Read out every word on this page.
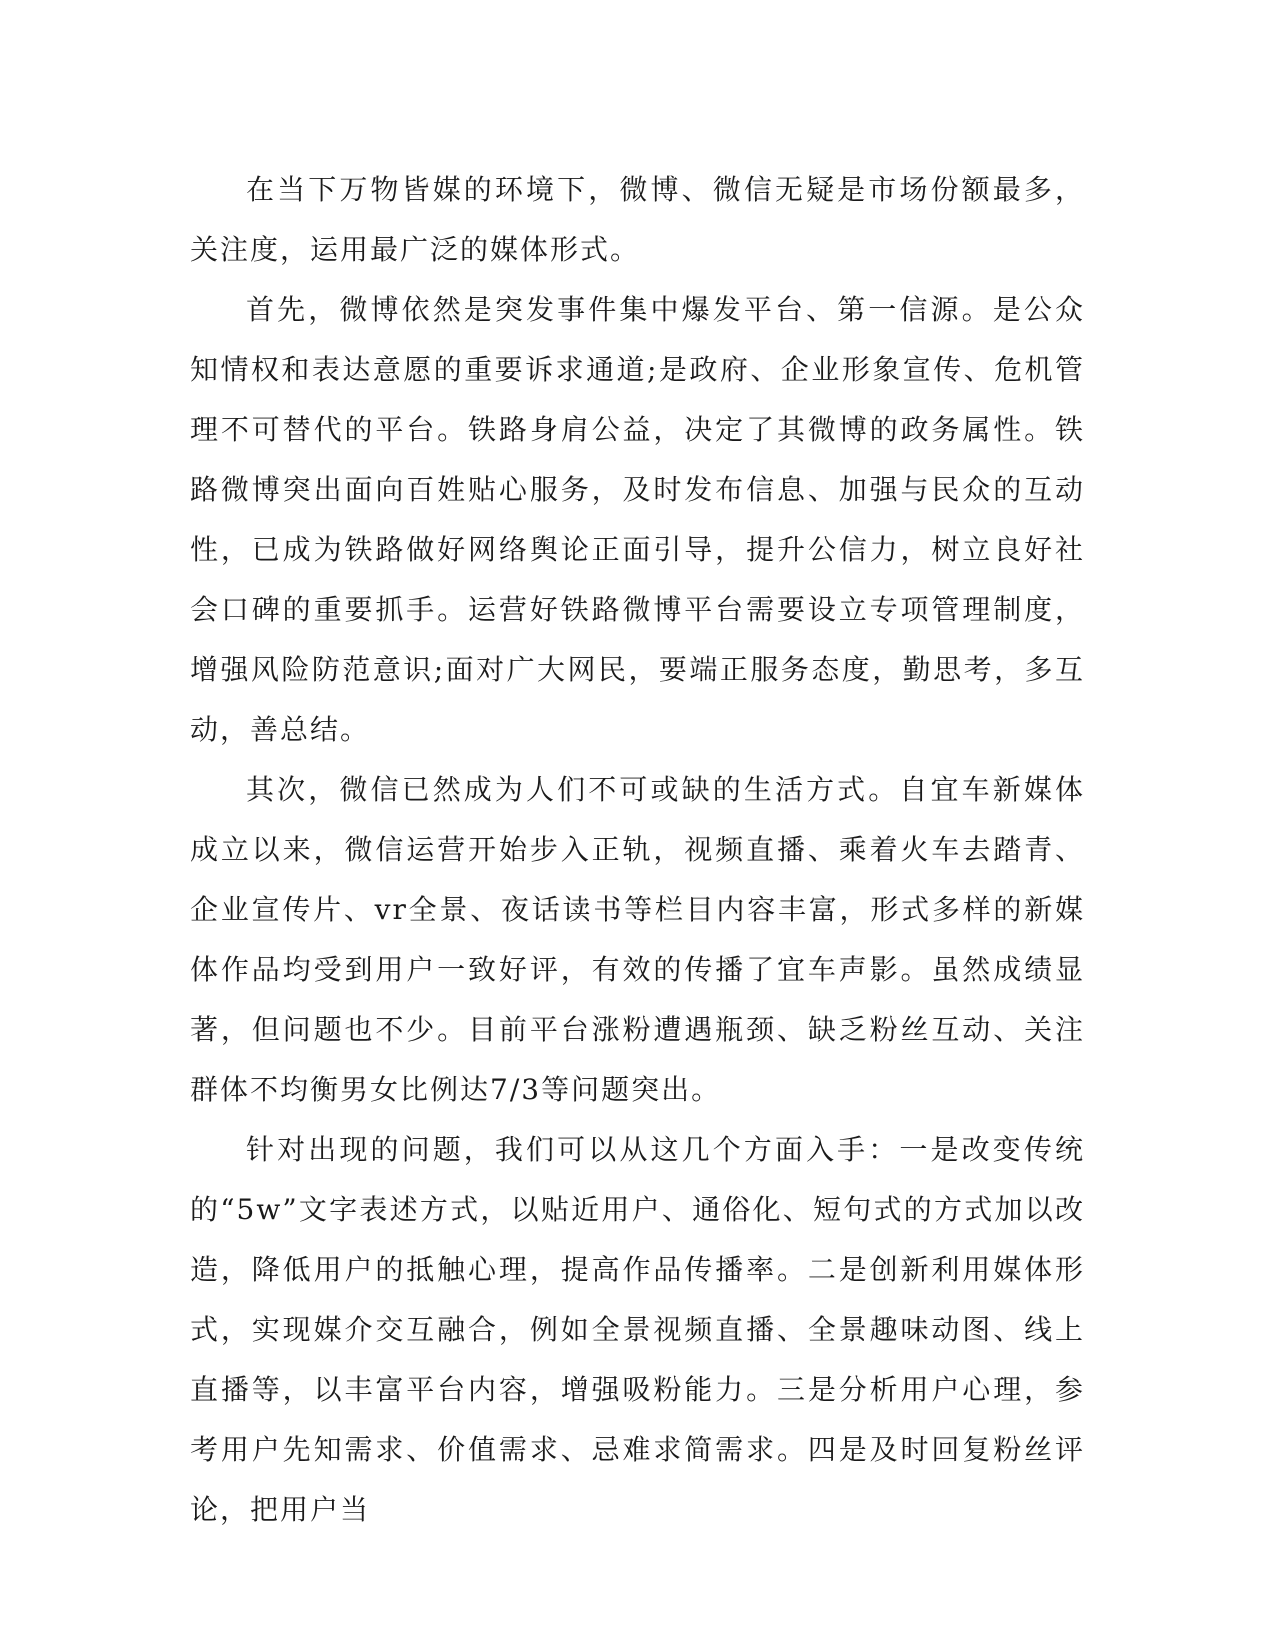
在当下万物皆媒的环境下，微博、微信无疑是市场份额最多，关注度，运用最广泛的媒体形式。

首先，微博依然是突发事件集中爆发平台、第一信源。是公众知情权和表达意愿的重要诉求通道;是政府、企业形象宣传、危机管理不可替代的平台。铁路身肩公益，决定了其微博的政务属性。铁路微博突出面向百姓贴心服务，及时发布信息、加强与民众的互动性，已成为铁路做好网络舆论正面引导，提升公信力，树立良好社会口碑的重要抓手。运营好铁路微博平台需要设立专项管理制度，增强风险防范意识;面对广大网民，要端正服务态度，勤思考，多互动，善总结。

其次，微信已然成为人们不可或缺的生活方式。自宜车新媒体成立以来，微信运营开始步入正轨，视频直播、乘着火车去踏青、企业宣传片、vr全景、夜话读书等栏目内容丰富，形式多样的新媒体作品均受到用户一致好评，有效的传播了宜车声影。虽然成绩显著，但问题也不少。目前平台涨粉遭遇瓶颈、缺乏粉丝互动、关注群体不均衡男女比例达7/3等问题突出。

针对出现的问题，我们可以从这几个方面入手：一是改变传统的“5w”文字表述方式，以贴近用户、通俗化、短句式的方式加以改造，降低用户的抵触心理，提高作品传播率。二是创新利用媒体形式，实现媒介交互融合，例如全景视频直播、全景趣味动图、线上直播等，以丰富平台内容，增强吸粉能力。三是分析用户心理，参考用户先知需求、价值需求、忌难求简需求。四是及时回复粉丝评论，把用户当
